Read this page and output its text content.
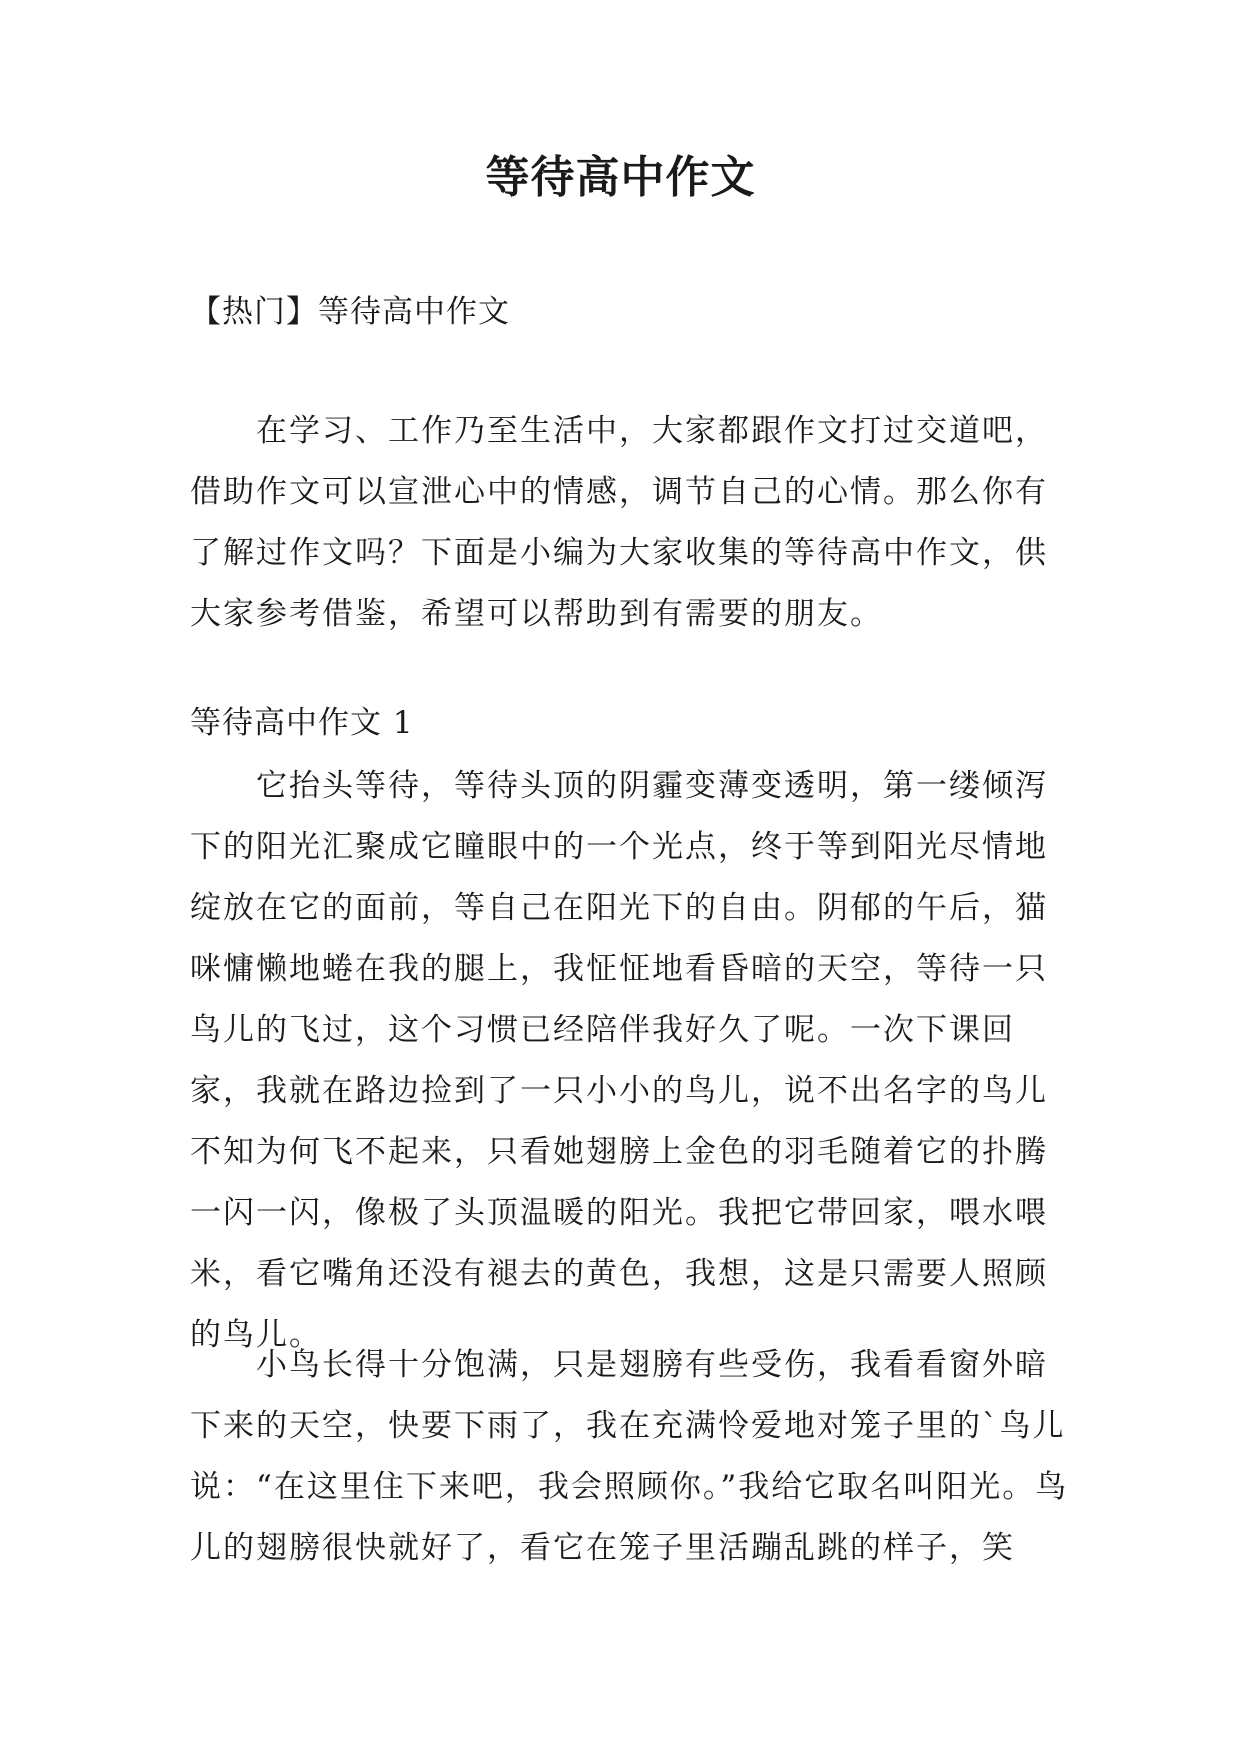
等待高中作文

【热门】等待高中作文

在学习、工作乃至生活中，大家都跟作文打过交道吧，借助作文可以宣泄心中的情感，调节自己的心情。那么你有了解过作文吗？下面是小编为大家收集的等待高中作文，供大家参考借鉴，希望可以帮助到有需要的朋友。

等待高中作文 1

它抬头等待，等待头顶的阴霾变薄变透明，第一缕倾泻下的阳光汇聚成它瞳眼中的一个光点，终于等到阳光尽情地绽放在它的面前，等自己在阳光下的自由。阴郁的午后，猫咪慵懒地蜷在我的腿上，我怔怔地看昏暗的天空，等待一只鸟儿的飞过，这个习惯已经陪伴我好久了呢。一次下课回家，我就在路边捡到了一只小小的鸟儿，说不出名字的鸟儿不知为何飞不起来，只看她翅膀上金色的羽毛随着它的扑腾一闪一闪，像极了头顶温暖的阳光。我把它带回家，喂水喂米，看它嘴角还没有褪去的黄色，我想，这是只需要人照顾的鸟儿。

小鸟长得十分饱满，只是翅膀有些受伤，我看看窗外暗下来的天空，快要下雨了，我在充满怜爱地对笼子里的`鸟儿说：“在这里住下来吧，我会照顾你。”我给它取名叫阳光。鸟儿的翅膀很快就好了，看它在笼子里活蹦乱跳的样子，笑
